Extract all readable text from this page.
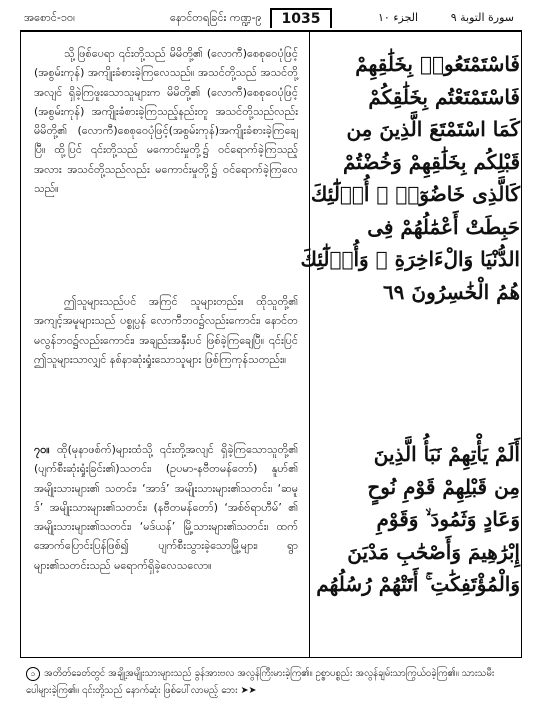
အစောင်-၁၀၊	နောင်တရခြင်း ကဏ္ဍ-၉	1035	الجزء ١٠	سورة التوبة ٩

သို့ဖြစ်ပေရာ ၎င်းတို့သည် မိမိတို့၏ (လောကီ)စေစုဝေပုံဖြင့် (အစွမ်းကုန်) အကျိုးခံစားခဲ့ကြလေသည်။ အသင်တို့သည် အသင်တို့ အလျင် ရှိခဲ့ကြဖူးသောသူများက မိမိတို့၏ (လောကီ)စေစုဝေပုံဖြင့် (အစွမ်းကုန်) အကျိုးခံစားခဲ့ကြသည့်နည်းတူ အသင်တို့သည်လည်း မိမိတို့၏ (လောကီ)စေစုဝေပုံဖြင့်(အစွမ်းကုန်)အကျိုးခံစားခဲ့ကြချေပြီ။ ထို့ပြင် ၎င်းတို့သည် မကောင်းမှုတို့၌ ဝင်ရောက်ခဲ့ကြသည့် အလား အသင်တို့သည်လည်း မကောင်းမှုတို့၌ ဝင်ရောက်ခဲ့ကြလေသည်။

ဤသူများသည်ပင် အကြင် သူများတည်း။ ထိုသူတို့၏ အကျင့်အမူများသည် ပစ္စုပ္ပန် လောကီဘဝ၌လည်းကောင်း၊ နောင်တမလွန်ဘဝ၌လည်းကောင်း၊ အချည်းအနှီးပင် ဖြစ်ခဲ့ကြချေပြီ။ ၎င်းပြင် ဤသူများသာလျှင် နစ်နာဆုံးရှုံးသောသူများ ဖြစ်ကြကုန်သတည်း။

၇၀။ ထို(မုနာဖစ်က်)များထံသို့ ၎င်းတို့အလျင် ရှိခဲ့ကြသောသူတို့၏ (ပျက်စီးဆုံးရှုံးခြင်း၏)သတင်း၊ (ဥပမာ-နဗီတမန်တော်) နူဟ်၏ အမျိုးသားများ၏ သတင်း၊ ‘အာဒ်’ အမျိုးသားများ၏သတင်း၊ ‘ဆမူဒ်’ အမျိုးသားများ၏သတင်း၊ (နဗီတမန်တော်) ‘အစ်ဗ်ရာဟီမ်’ ၏ အမျိုးသားများ၏သတင်း၊ ‘မဒ်ယန်’ မြို့သားများ၏သတင်း၊ ထက်အောက်ပြောင်းပြန်ဖြစ်၍ ပျက်စီးသွားခဲ့သောမြို့များ၊ ရွာများ၏သတင်းသည် မရောက်ရှိခဲ့လေသလော။

فَاسْتَمْتَعُوا۟ بِخَلَٰقِهِمْ
فَاسْتَمْتَعْتُم بِخَلَٰقِكُمْ
كَمَا اسْتَمْتَعَ الَّذِينَ مِن
قَبْلِكُم بِخَلَٰقِهِمْ وَخُضْتُمْ
كَالَّذِى خَاضُوٓا۟ ۚ أُو۟لَٰٓئِكَ
حَبِطَتْ أَعْمَٰلُهُمْ فِى
الدُّنْيَا وَالْءَاخِرَةِ ۖ وَأُو۟لَٰٓئِكَ
هُمُ الْخَٰسِرُونَ ٦٩
أَلَمْ يَأْتِهِمْ نَبَأُ الَّذِينَ
مِن قَبْلِهِمْ قَوْمِ نُوحٍ
وَعَادٍ وَثَمُودَ ۙ وَقَوْمِ
إِبْرَٰهِيمَ وَأَصْحَٰبِ مَدْيَنَ
وَالْمُؤْتَفِكَٰتِ ۚ أَتَتْهُمْ رُسُلُهُم
၁ အတိတ်ခေတ်တွင် အချို့အမျိုးသားများသည် ခွန်အားဗလ အလွန်ကြီးမားခဲ့ကြ၏။ ဥစ္စာပစ္စည်း အလွန်ချမ်းသာကြွယ်ဝခဲ့ကြ၏။ သားသမီး ပေါများခဲ့ကြ၏။ ၎င်းတို့သည် နောက်ဆုံး ဖြစ်ပေါ်လာမည့် ဘေး ➤➤
